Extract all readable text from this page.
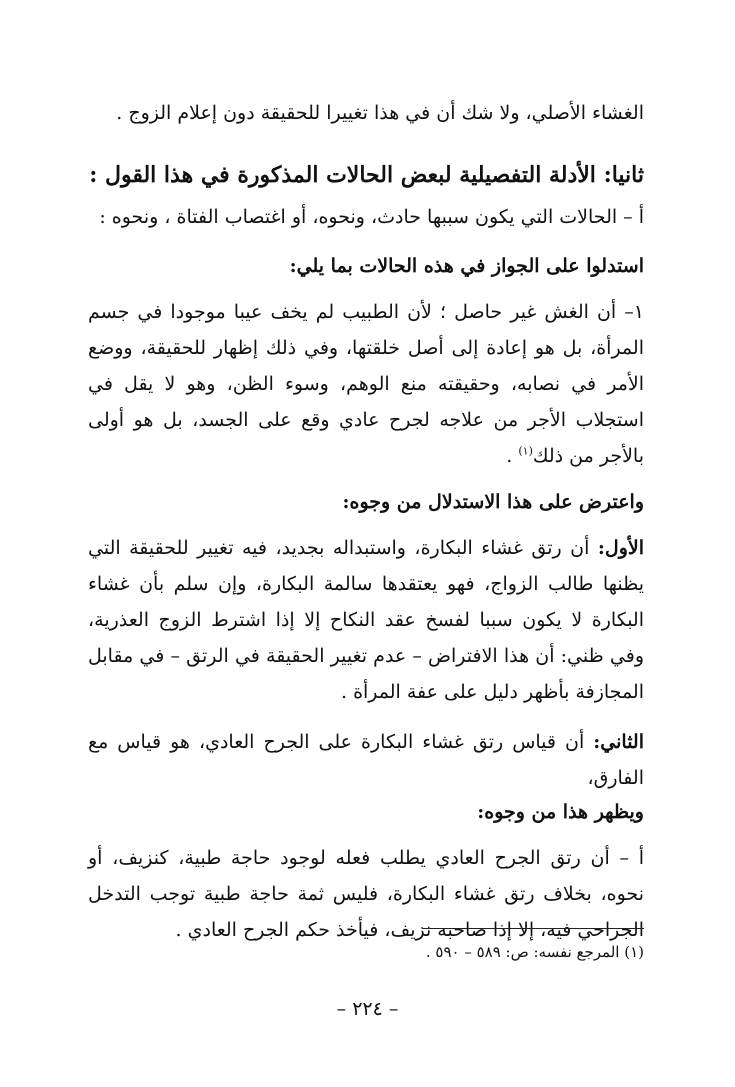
الغشاء الأصلي، ولا شك أن في هذا تغييرا للحقيقة دون إعلام الزوج .

ثانيا: الأدلة التفصيلية لبعض الحالات المذكورة في هذا القول :

أ – الحالات التي يكون سببها حادث، ونحوه، أو اغتصاب الفتاة ، ونحوه :

استدلوا على الجواز في هذه الحالات بما يلي:

١– أن الغش غير حاصل ؛ لأن الطبيب لم يخف عيبا موجودا في جسم المرأة، بل هو إعادة إلى أصل خلقتها، وفي ذلك إظهار للحقيقة، ووضع الأمر في نصابه، وحقيقته منع الوهم، وسوء الظن، وهو لا يقل في استجلاب الأجر من علاجه لجرح عادي وقع على الجسد، بل هو أولى بالأجر من ذلك$^{(١)}$ .

واعترض على هذا الاستدلال من وجوه:

الأول: أن رتق غشاء البكارة، واستبداله بجديد، فيه تغيير للحقيقة التي يظنها طالب الزواج، فهو يعتقدها سالمة البكارة، وإن سلم بأن غشاء البكارة لا يكون سببا لفسخ عقد النكاح إلا إذا اشترط الزوج العذرية، وفي ظني: أن هذا الافتراض – عدم تغيير الحقيقة في الرتق – في مقابل المجازفة بأظهر دليل على عفة المرأة .

الثاني: أن قياس رتق غشاء البكارة على الجرح العادي، هو قياس مع الفارق،

ويظهر هذا من وجوه:

أ – أن رتق الجرح العادي يطلب فعله لوجود حاجة طبية، كنزيف، أو نحوه، بخلاف رتق غشاء البكارة، فليس ثمة حاجة طبية توجب التدخل الجراحي فيه، إلا إذا صاحبه نزيف، فيأخذ حكم الجرح العادي .

(١) المرجع نفسه: ص: ٥٨٩ – ٥٩٠ .
– ٢٢٤ –
